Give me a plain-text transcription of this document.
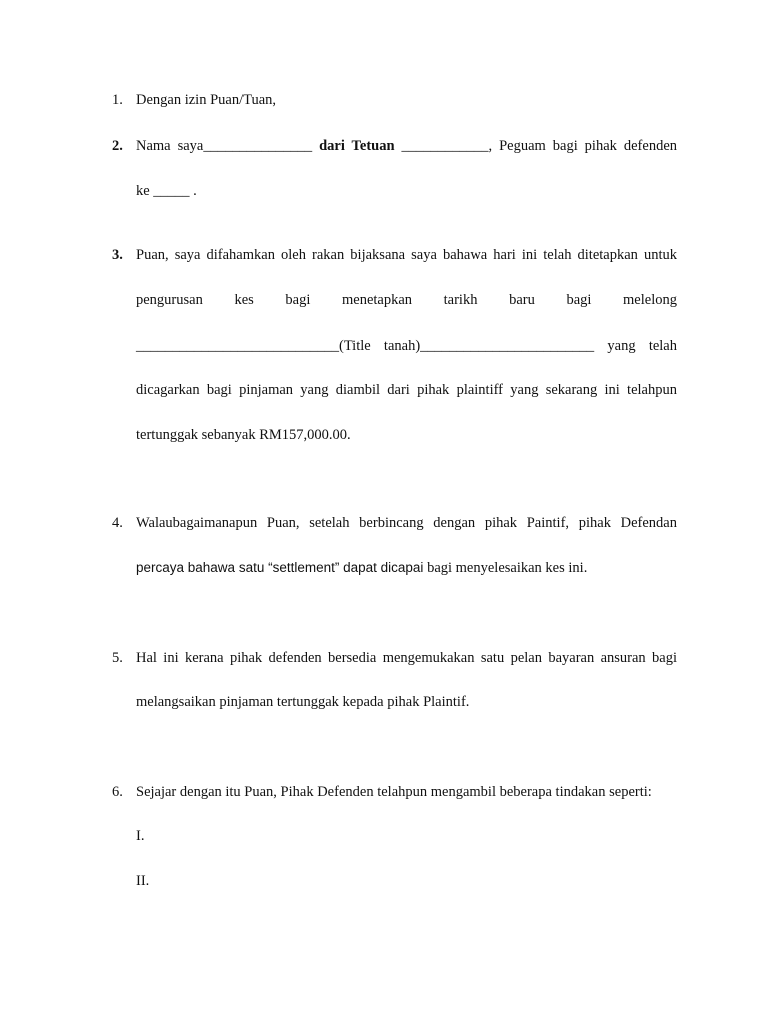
1. Dengan izin Puan/Tuan,
2. Nama saya_______________ dari Tetuan ____________, Peguam bagi pihak defenden
ke _____ .
3. Puan, saya difahamkan oleh rakan bijaksana saya bahawa hari ini telah ditetapkan untuk
pengurusan kes bagi menetapkan tarikh baru bagi melelong
____________________________(Title tanah)________________________ yang telah
dicagarkan bagi pinjaman yang diambil dari pihak plaintiff yang sekarang ini telahpun
tertunggak sebanyak RM157,000.00.
4. Walaubagaimanapun Puan, setelah berbincang dengan pihak Paintif, pihak Defendan
percaya bahawa satu “settlement” dapat dicapai bagi menyelesaikan kes ini.
5. Hal ini kerana pihak defenden bersedia mengemukakan satu pelan bayaran ansuran bagi
melangsaikan pinjaman tertunggak kepada pihak Plaintif.
6. Sejajar dengan itu Puan, Pihak Defenden telahpun mengambil beberapa tindakan seperti:
I.
II.
